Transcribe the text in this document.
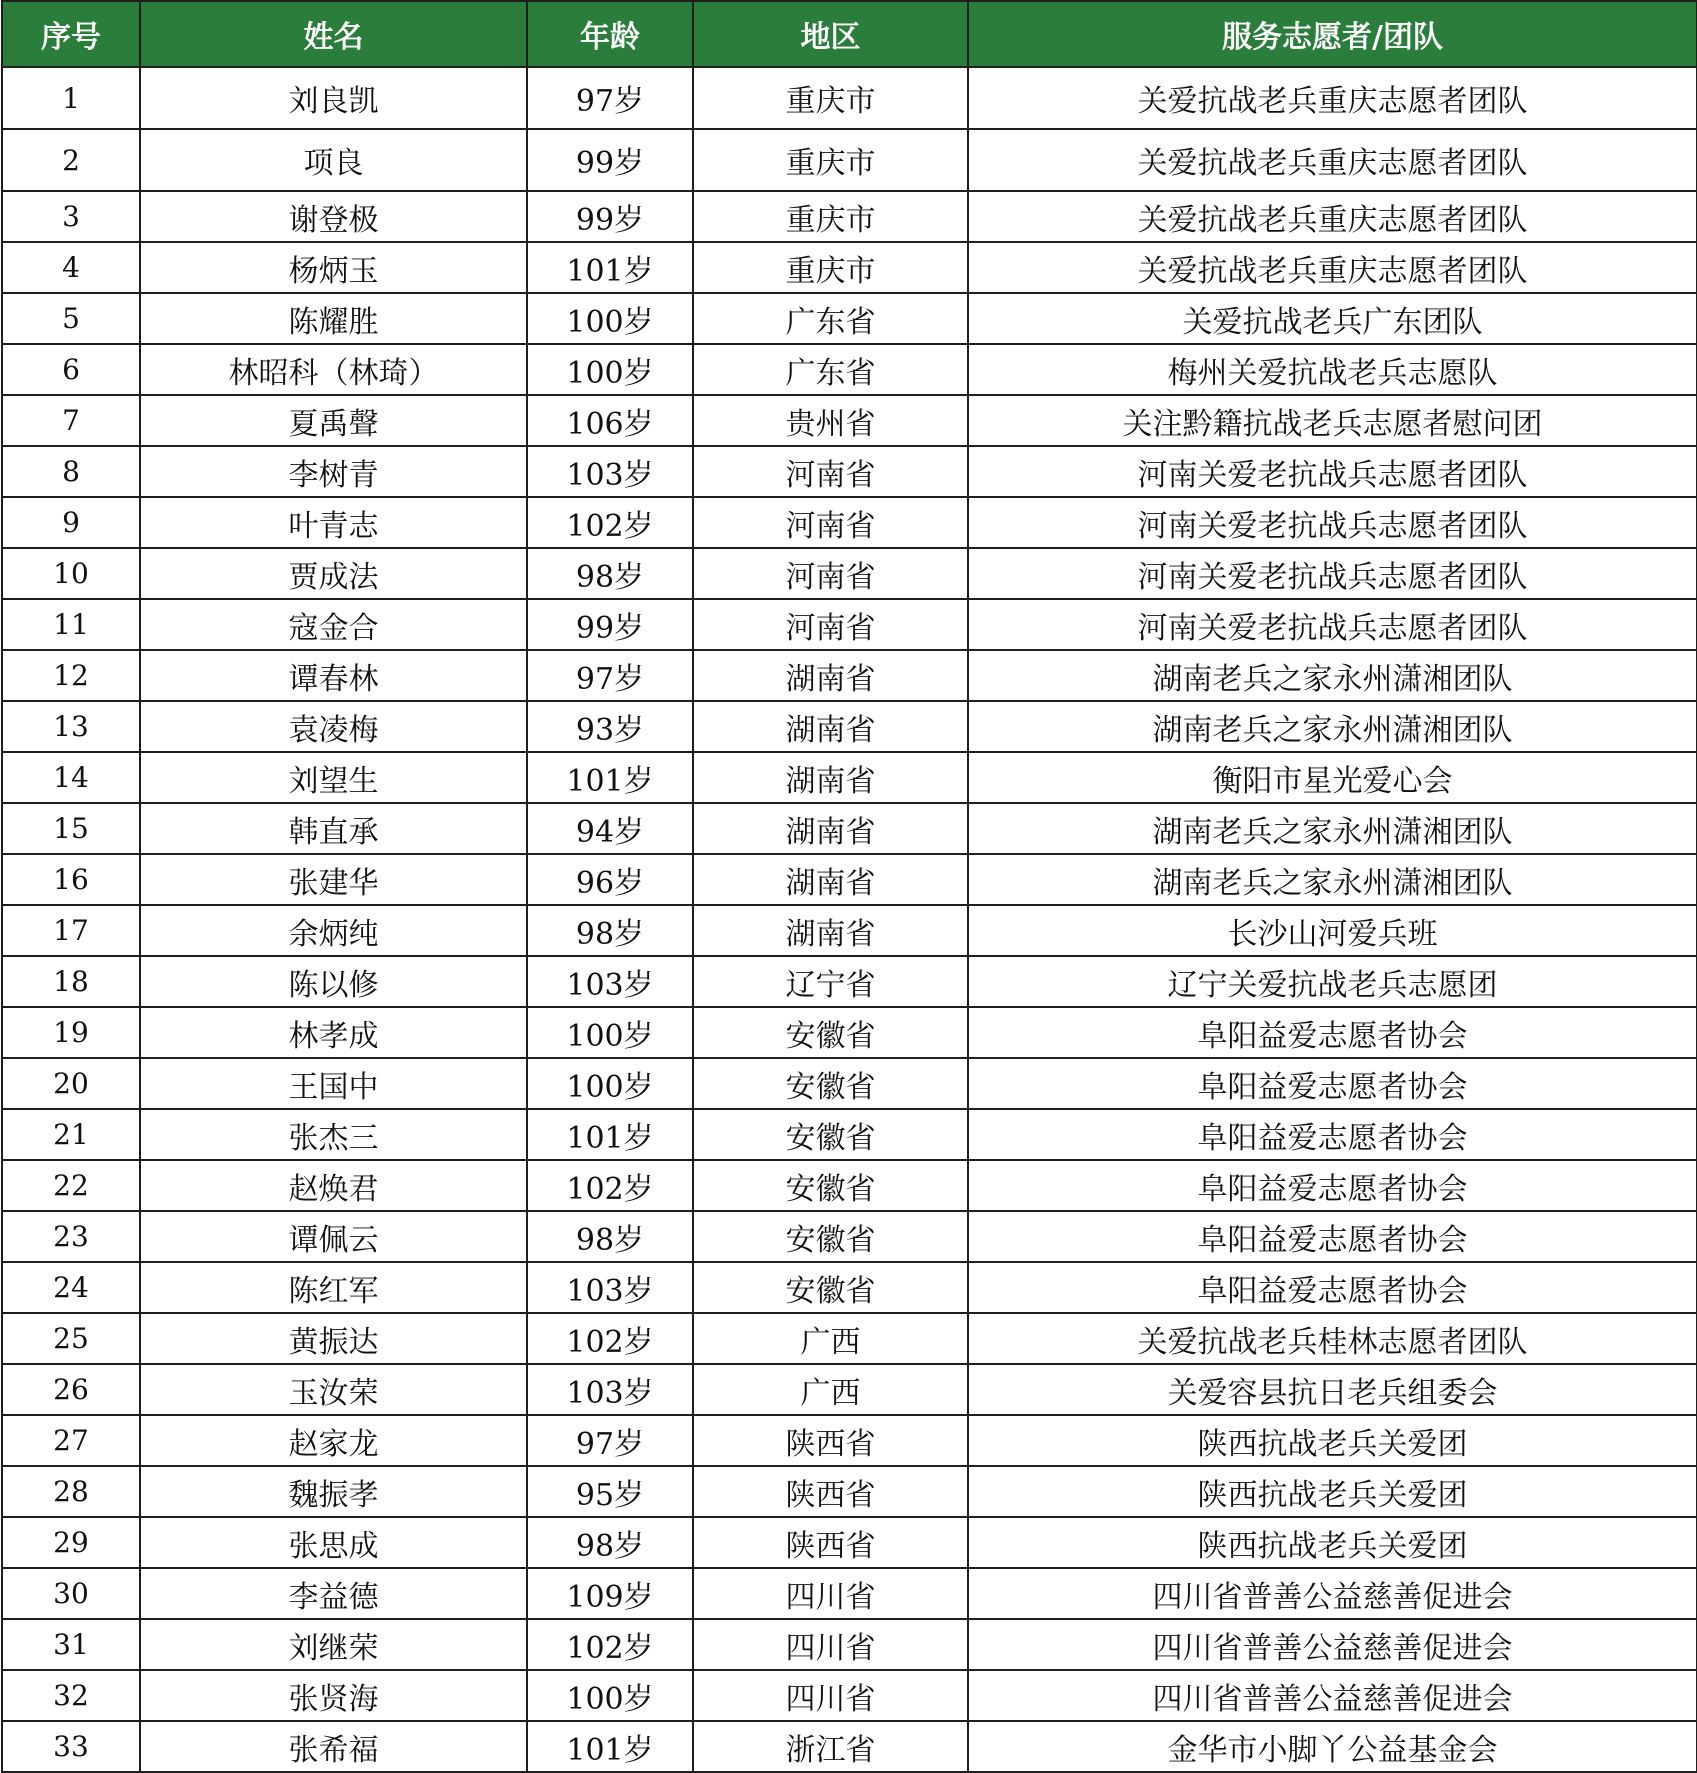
序号	姓名	年龄	地区	服务志愿者/团队
1	刘良凯	97岁	重庆市	关爱抗战老兵重庆志愿者团队
2	项良	99岁	重庆市	关爱抗战老兵重庆志愿者团队
3	谢登极	99岁	重庆市	关爱抗战老兵重庆志愿者团队
4	杨炳玉	101岁	重庆市	关爱抗战老兵重庆志愿者团队
5	陈耀胜	100岁	广东省	关爱抗战老兵广东团队
6	林昭科（林琦）	100岁	广东省	梅州关爱抗战老兵志愿队
7	夏禹聲	106岁	贵州省	关注黔籍抗战老兵志愿者慰问团
8	李树青	103岁	河南省	河南关爱老抗战兵志愿者团队
9	叶青志	102岁	河南省	河南关爱老抗战兵志愿者团队
10	贾成法	98岁	河南省	河南关爱老抗战兵志愿者团队
11	寇金合	99岁	河南省	河南关爱老抗战兵志愿者团队
12	谭春林	97岁	湖南省	湖南老兵之家永州潇湘团队
13	袁凌梅	93岁	湖南省	湖南老兵之家永州潇湘团队
14	刘望生	101岁	湖南省	衡阳市星光爱心会
15	韩直承	94岁	湖南省	湖南老兵之家永州潇湘团队
16	张建华	96岁	湖南省	湖南老兵之家永州潇湘团队
17	余炳纯	98岁	湖南省	长沙山河爱兵班
18	陈以修	103岁	辽宁省	辽宁关爱抗战老兵志愿团
19	林孝成	100岁	安徽省	阜阳益爱志愿者协会
20	王国中	100岁	安徽省	阜阳益爱志愿者协会
21	张杰三	101岁	安徽省	阜阳益爱志愿者协会
22	赵焕君	102岁	安徽省	阜阳益爱志愿者协会
23	谭佩云	98岁	安徽省	阜阳益爱志愿者协会
24	陈红军	103岁	安徽省	阜阳益爱志愿者协会
25	黄振达	102岁	广西	关爱抗战老兵桂林志愿者团队
26	玉汝荣	103岁	广西	关爱容县抗日老兵组委会
27	赵家龙	97岁	陕西省	陕西抗战老兵关爱团
28	魏振孝	95岁	陕西省	陕西抗战老兵关爱团
29	张思成	98岁	陕西省	陕西抗战老兵关爱团
30	李益德	109岁	四川省	四川省普善公益慈善促进会
31	刘继荣	102岁	四川省	四川省普善公益慈善促进会
32	张贤海	100岁	四川省	四川省普善公益慈善促进会
33	张希福	101岁	浙江省	金华市小脚丫公益基金会
